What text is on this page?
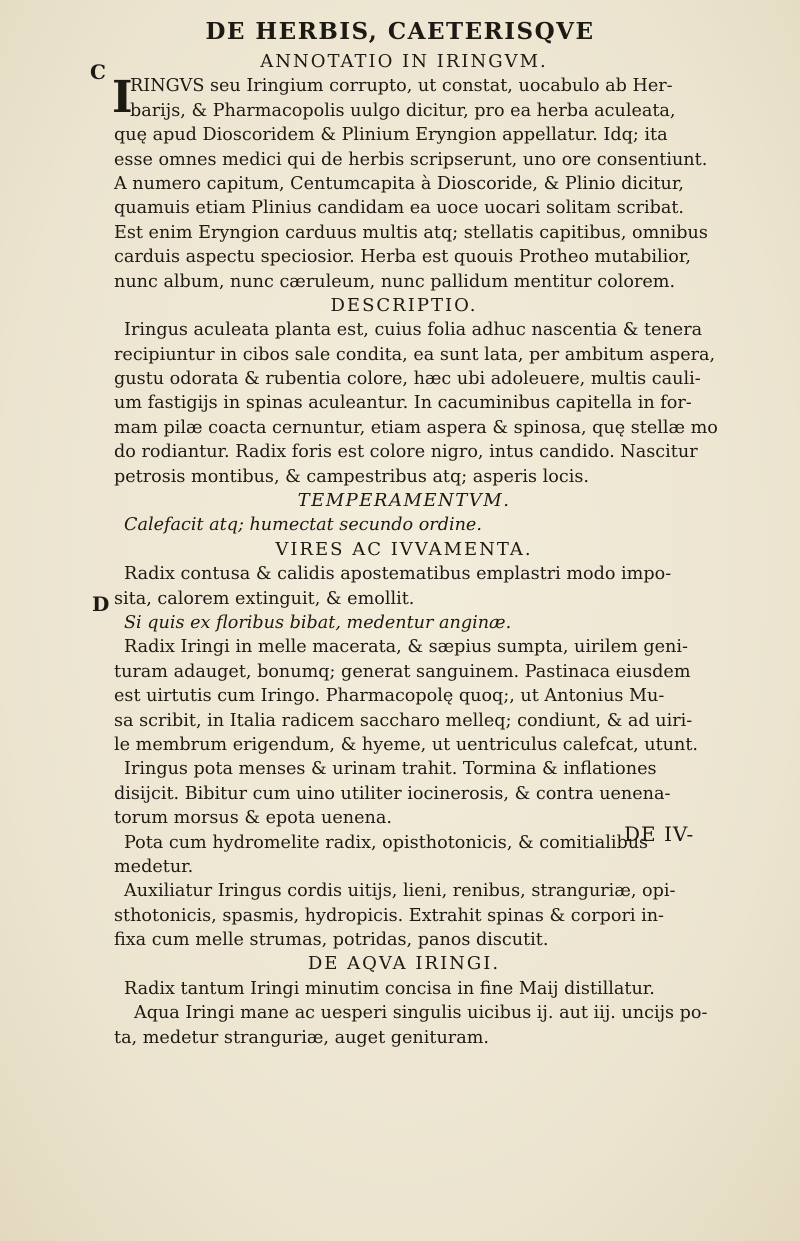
DE HERBIS, CAETERISQVE
C
D
ANNOTATIO IN IRINGVM.
I
RINGVS seu Iringium corrupto, ut constat, uocabulo ab Her-
barijs, & Pharmacopolis uulgo dicitur, pro ea herba aculeata,
quę apud Dioscoridem & Plinium Eryngion appellatur. Idq; ita
esse omnes medici qui de herbis scripserunt, uno ore consentiunt.
A numero capitum, Centumcapita à Dioscoride, & Plinio dicitur,
quamuis etiam Plinius candidam ea uoce uocari solitam scribat.
Est enim Eryngion carduus multis atq; stellatis capitibus, omnibus
carduis aspectu speciosior. Herba est quouis Protheo mutabilior,
nunc album, nunc cæruleum, nunc pallidum mentitur colorem.
DESCRIPTIO.
Iringus aculeata planta est, cuius folia adhuc nascentia & tenera
recipiuntur in cibos sale condita, ea sunt lata, per ambitum aspera,
gustu odorata & rubentia colore, hæc ubi adoleuere, multis cauli-
um fastigijs in spinas aculeantur. In cacuminibus capitella in for-
mam pilæ coacta cernuntur, etiam aspera & spinosa, quę stellæ mo
do rodiantur. Radix foris est colore nigro, intus candido. Nascitur
petrosis montibus, & campestribus atq; asperis locis.
TEMPERAMENTVM.
Calefacit atq; humectat secundo ordine.
VIRES AC IVVAMENTA.
Radix contusa & calidis apostematibus emplastri modo impo-
sita, calorem extinguit, & emollit.
Si quis ex floribus bibat, medentur anginæ.
Radix Iringi in melle macerata, & sæpius sumpta, uirilem geni-
turam adauget, bonumq; generat sanguinem. Pastinaca eiusdem
est uirtutis cum Iringo. Pharmacopolę quoq;, ut Antonius Mu-
sa scribit, in Italia radicem saccharo melleq; condiunt, & ad uiri-
le membrum erigendum, & hyeme, ut uentriculus calefcat, utunt.
Iringus pota menses & urinam trahit. Tormina & inflationes
disijcit. Bibitur cum uino utiliter iocinerosis, & contra uenena-
torum morsus & epota uenena.
Pota cum hydromelite radix, opisthotonicis, & comitialibus
medetur.
Auxiliatur Iringus cordis uitijs, lieni, renibus, stranguriæ, opi-
sthotonicis, spasmis, hydropicis. Extrahit spinas & corpori in-
fixa cum melle strumas, potridas, panos discutit.
DE AQVA IRINGI.
Radix tantum Iringi minutim concisa in fine Maij distillatur.
Aqua Iringi mane ac uesperi singulis uicibus ij. aut iij. uncijs po-
ta, medetur stranguriæ, auget genituram.
DE IV-
